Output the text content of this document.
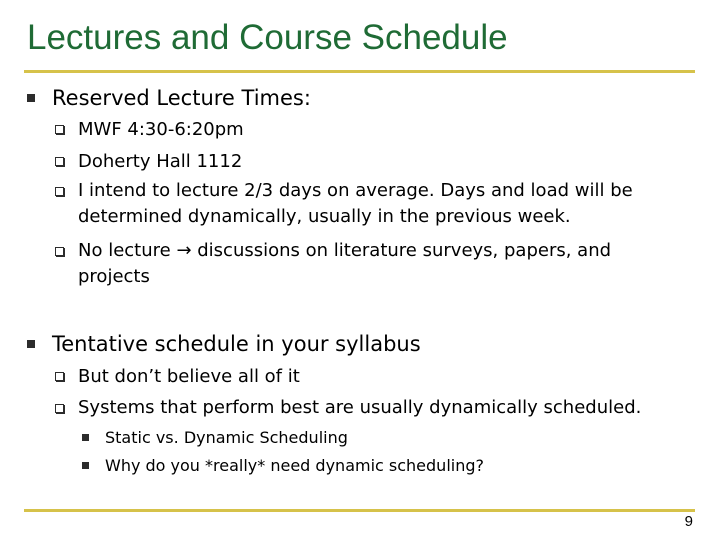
Lectures and Course Schedule
Reserved Lecture Times:
MWF 4:30-6:20pm
Doherty Hall 1112
I intend to lecture 2/3 days on average. Days and load will be
determined dynamically, usually in the previous week.
No lecture → discussions on literature surveys, papers, and
projects
Tentative schedule in your syllabus
But don’t believe all of it
Systems that perform best are usually dynamically scheduled.
Static vs. Dynamic Scheduling
Why do you *really* need dynamic scheduling?
9
